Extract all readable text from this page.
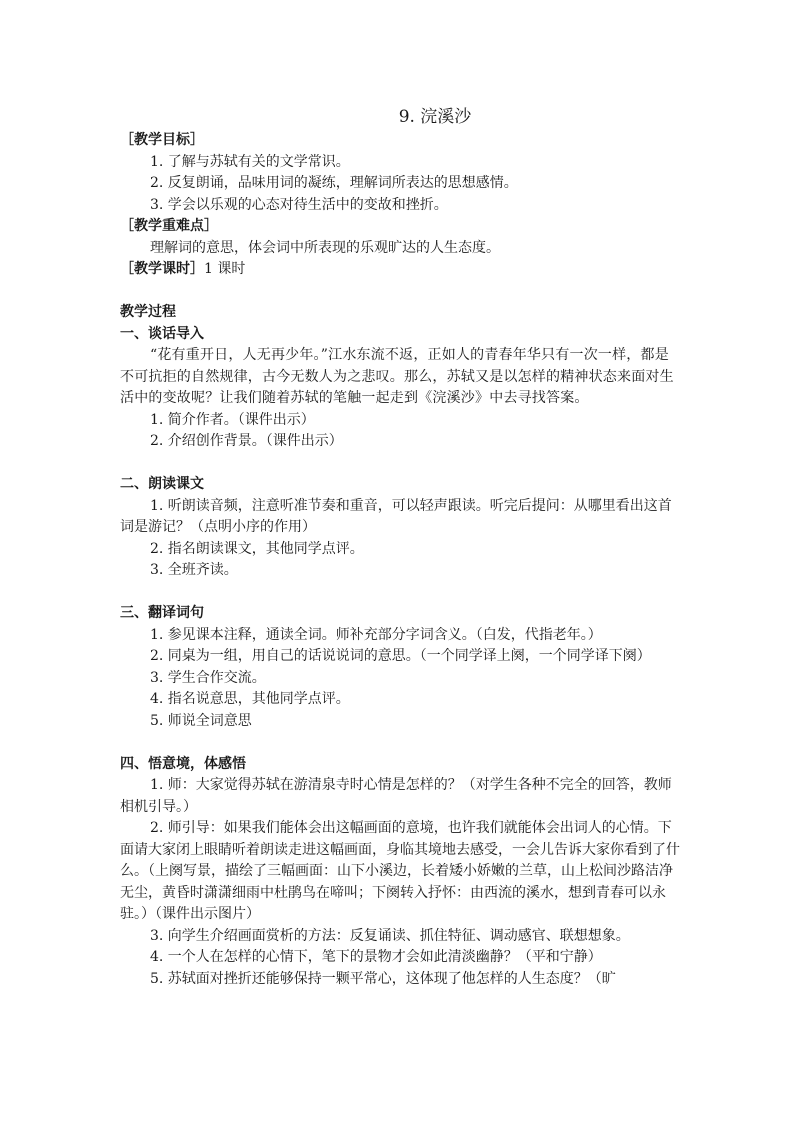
9. 浣溪沙

［教学目标］

1. 了解与苏轼有关的文学常识。

2. 反复朗诵，品味用词的凝练，理解词所表达的思想感情。

3. 学会以乐观的心态对待生活中的变故和挫折。

［教学重难点］

理解词的意思，体会词中所表现的乐观旷达的人生态度。

［教学课时］1 课时

教学过程

一、谈话导入

“花有重开日，人无再少年。”江水东流不返，正如人的青春年华只有一次一样，都是不可抗拒的自然规律，古今无数人为之悲叹。那么，苏轼又是以怎样的精神状态来面对生活中的变故呢？让我们随着苏轼的笔触一起走到《浣溪沙》中去寻找答案。

1. 简介作者。（课件出示）

2. 介绍创作背景。（课件出示）

二、朗读课文

1. 听朗读音频，注意听准节奏和重音，可以轻声跟读。听完后提问：从哪里看出这首词是游记？（点明小序的作用）

2. 指名朗读课文，其他同学点评。

3. 全班齐读。

三、翻译词句

1. 参见课本注释，通读全词。师补充部分字词含义。（白发，代指老年。）

2. 同桌为一组，用自己的话说说词的意思。（一个同学译上阕，一个同学译下阕）

3. 学生合作交流。

4. 指名说意思，其他同学点评。

5. 师说全词意思

四、悟意境，体感悟

1. 师：大家觉得苏轼在游清泉寺时心情是怎样的？（对学生各种不完全的回答，教师相机引导。）

2. 师引导：如果我们能体会出这幅画面的意境，也许我们就能体会出词人的心情。下面请大家闭上眼睛听着朗读走进这幅画面，身临其境地去感受，一会儿告诉大家你看到了什么。（上阕写景，描绘了三幅画面：山下小溪边，长着矮小娇嫩的兰草，山上松间沙路洁净无尘，黄昏时潇潇细雨中杜鹃鸟在啼叫；下阕转入抒怀：由西流的溪水，想到青春可以永驻。）（课件出示图片）

3. 向学生介绍画面赏析的方法：反复诵读、抓住特征、调动感官、联想想象。

4. 一个人在怎样的心情下，笔下的景物才会如此清淡幽静？（平和宁静）

5. 苏轼面对挫折还能够保持一颗平常心，这体现了他怎样的人生态度？（旷
